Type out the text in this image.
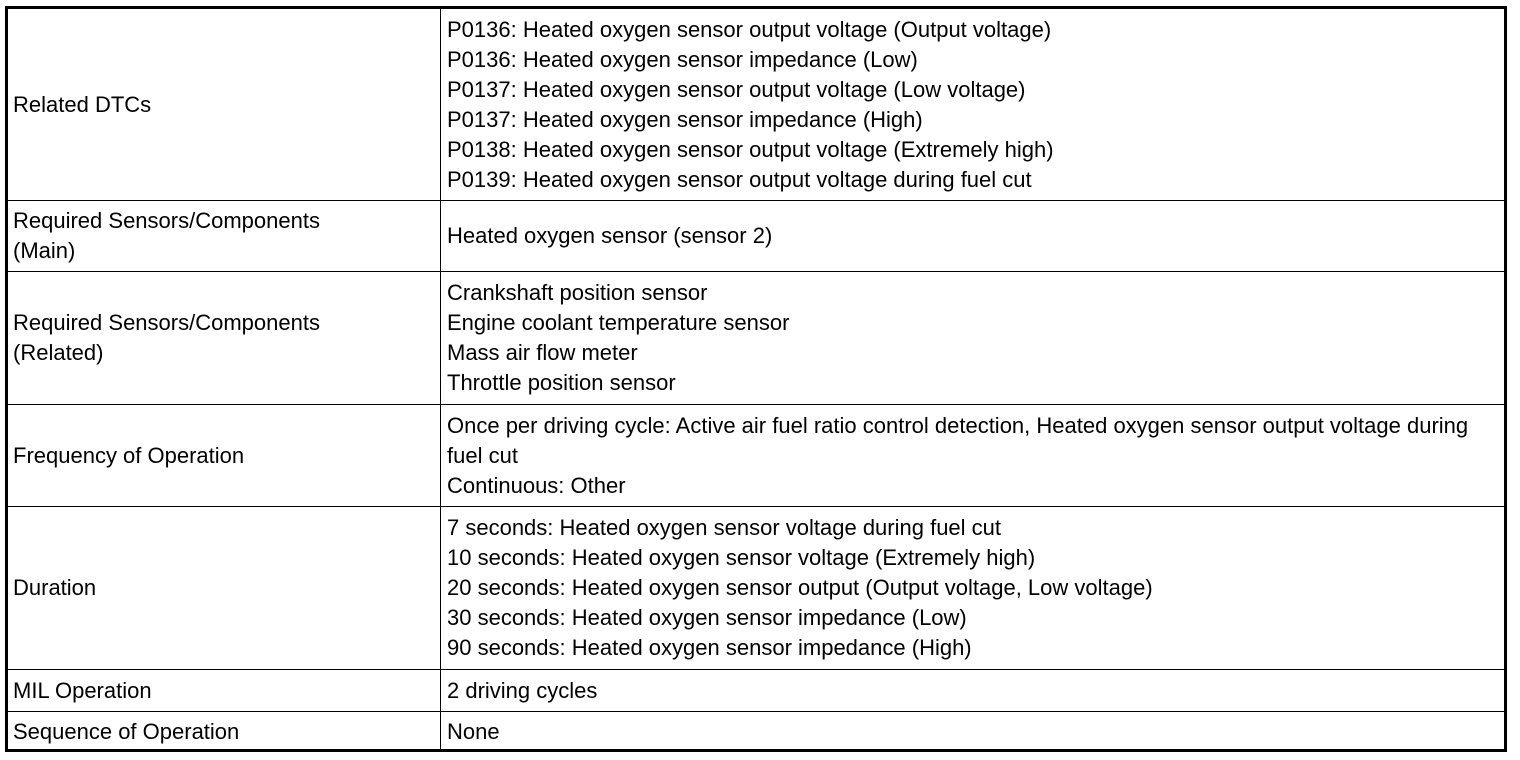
Related DTCs
P0136: Heated oxygen sensor output voltage (Output voltage)
P0136: Heated oxygen sensor impedance (Low)
P0137: Heated oxygen sensor output voltage (Low voltage)
P0137: Heated oxygen sensor impedance (High)
P0138: Heated oxygen sensor output voltage (Extremely high)
P0139: Heated oxygen sensor output voltage during fuel cut
Required Sensors/Components
(Main)
Heated oxygen sensor (sensor 2)
Required Sensors/Components
(Related)
Crankshaft position sensor
Engine coolant temperature sensor
Mass air flow meter
Throttle position sensor
Frequency of Operation
Once per driving cycle: Active air fuel ratio control detection, Heated oxygen sensor output voltage during fuel cut
Continuous: Other
Duration
7 seconds: Heated oxygen sensor voltage during fuel cut
10 seconds: Heated oxygen sensor voltage (Extremely high)
20 seconds: Heated oxygen sensor output (Output voltage, Low voltage)
30 seconds: Heated oxygen sensor impedance (Low)
90 seconds: Heated oxygen sensor impedance (High)
MIL Operation	2 driving cycles
Sequence of Operation	None
